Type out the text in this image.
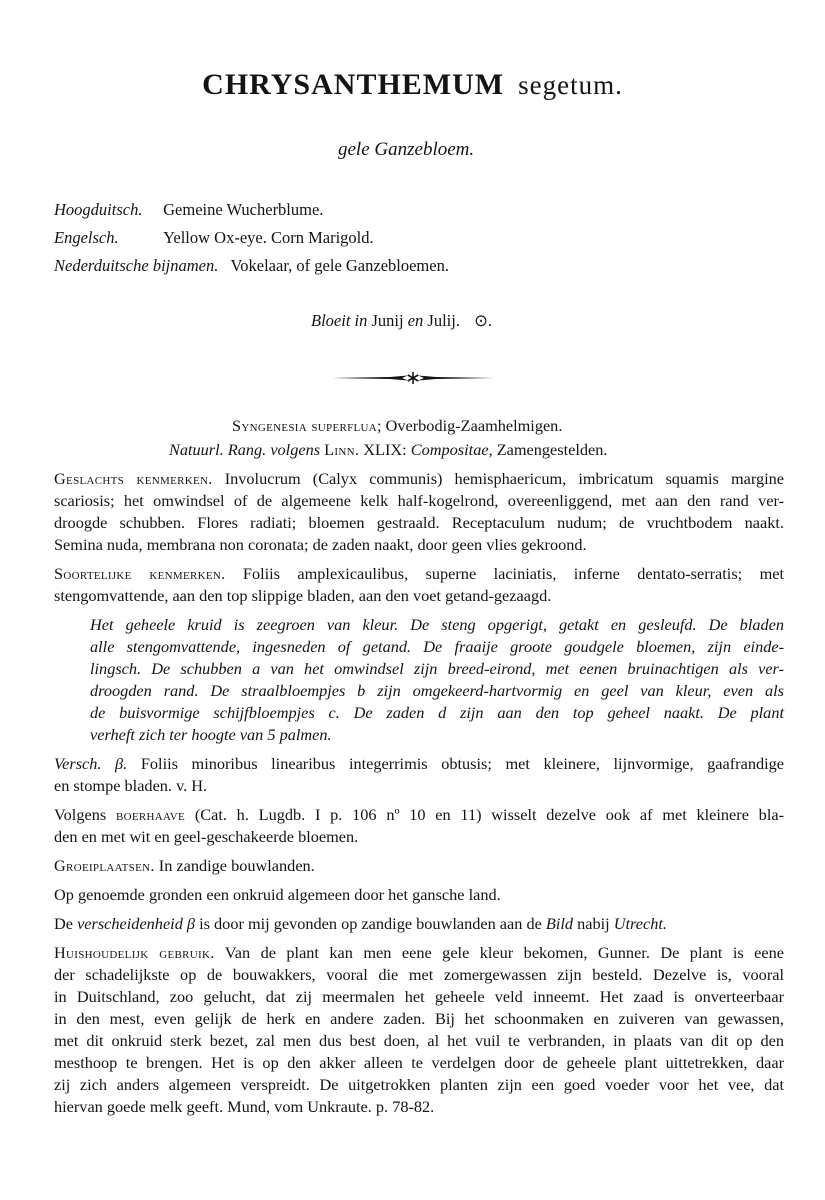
CHRYSANTHEMUM segetum.
gele Ganzebloem.
Hoogduitsch. Gemeine Wucherblume.
Engelsch.	Yellow Ox-eye. Corn Marigold.
Nederduitsche bijnamen. Vokelaar, of gele Ganzebloemen.
Bloeit in Junij en Julij. ⊙.
Syngenesia superflua; Overbodig-Zaamhelmigen.
Natuurl. Rang. volgens Linn. XLIX: Compositae, Zamengestelden.
Geslachts kenmerken. Involucrum (Calyx communis) hemisphaericum, imbricatum squamis margine
scariosis; het omwindsel of de algemeene kelk half-kogelrond, overeenliggend, met aan den rand ver-
droogde schubben. Flores radiati; bloemen gestraald. Receptaculum nudum; de vruchtbodem naakt.
Semina nuda, membrana non coronata; de zaden naakt, door geen vlies gekroond.
Soortelijke kenmerken. Foliis amplexicaulibus, superne laciniatis, inferne dentato-serratis; met
stengomvattende, aan den top slippige bladen, aan den voet getand-gezaagd.
Het geheele kruid is zeegroen van kleur. De steng opgerigt, getakt en gesleufd. De bladen
alle stengomvattende, ingesneden of getand. De fraaije groote goudgele bloemen, zijn einde-
lingsch. De schubben a van het omwindsel zijn breed-eirond, met eenen bruinachtigen als ver-
droogden rand. De straalbloempjes b zijn omgekeerd-hartvormig en geel van kleur, even als
de buisvormige schijfbloempjes c. De zaden d zijn aan den top geheel naakt. De plant
verheft zich ter hoogte van 5 palmen.
Versch. β. Foliis minoribus linearibus integerrimis obtusis; met kleinere, lijnvormige, gaafrandige
en stompe bladen. v. H.
Volgens boerhaave (Cat. h. Lugdb. I p. 106 nº 10 en 11) wisselt dezelve ook af met kleinere bla-
den en met wit en geel-geschakeerde bloemen.
Groeiplaatsen. In zandige bouwlanden.
Op genoemde gronden een onkruid algemeen door het gansche land.
De verscheidenheid β is door mij gevonden op zandige bouwlanden aan de Bild nabij Utrecht.
Huishoudelijk gebruik. Van de plant kan men eene gele kleur bekomen, Gunner. De plant is eene
der schadelijkste op de bouwakkers, vooral die met zomergewassen zijn besteld. Dezelve is, vooral
in Duitschland, zoo gelucht, dat zij meermalen het geheele veld inneemt. Het zaad is onverteerbaar
in den mest, even gelijk de herk en andere zaden. Bij het schoonmaken en zuiveren van gewassen,
met dit onkruid sterk bezet, zal men dus best doen, al het vuil te verbranden, in plaats van dit op den
mesthoop te brengen. Het is op den akker alleen te verdelgen door de geheele plant uittetrekken, daar
zij zich anders algemeen verspreidt. De uitgetrokken planten zijn een goed voeder voor het vee, dat
hiervan goede melk geeft. Mund, vom Unkraute. p. 78-82.
